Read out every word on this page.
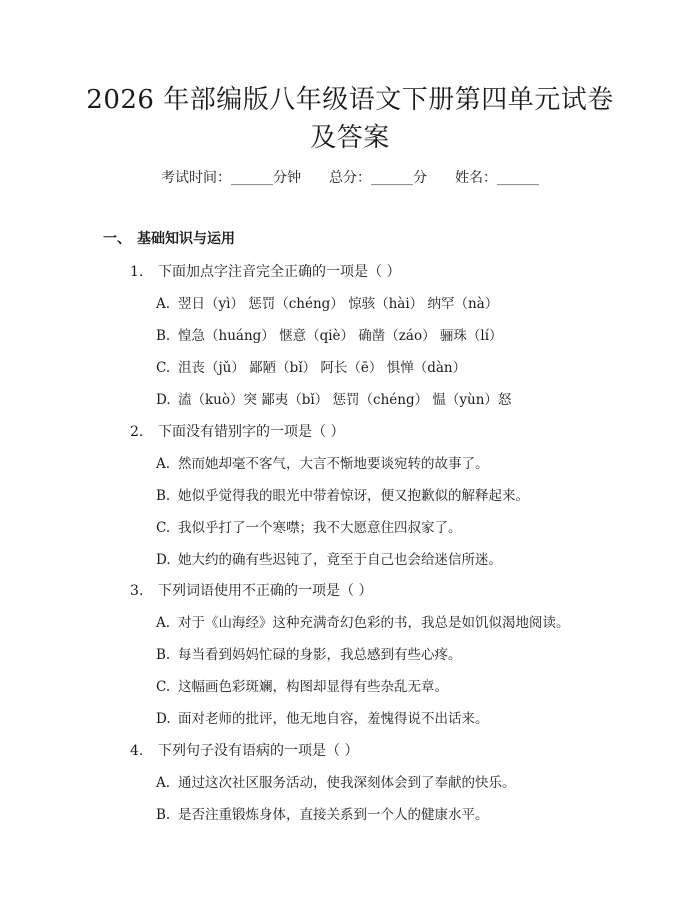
2026 年部编版八年级语文下册第四单元试卷
及答案
考试时间：______分钟 总分：______分 姓名：______
一、 基础知识与运用
1. 下面加点字注音完全正确的一项是（ ）
A. 翌日（yì） 惩罚（chéng） 惊骇（hài） 纳罕（nà）
B. 惶急（huáng） 惬意（qiè） 确凿（záo） 骊珠（lí）
C. 沮丧（jǔ） 鄙陋（bǐ） 阿长（ē） 惧惮（dàn）
D. 溘（kuò）突 鄙夷（bǐ） 惩罚（chéng） 愠（yùn）怒
2. 下面没有错别字的一项是（ ）
A. 然而她却毫不客气，大言不惭地要谈宛转的故事了。
B. 她似乎觉得我的眼光中带着惊讶，便又抱歉似的解释起来。
C. 我似乎打了一个寒噤；我不大愿意住四叔家了。
D. 她大约的确有些迟钝了，竟至于自己也会给迷信所迷。
3. 下列词语使用不正确的一项是（ ）
A. 对于《山海经》这种充满奇幻色彩的书，我总是如饥似渴地阅读。
B. 每当看到妈妈忙碌的身影，我总感到有些心疼。
C. 这幅画色彩斑斓，构图却显得有些杂乱无章。
D. 面对老师的批评，他无地自容，羞愧得说不出话来。
4. 下列句子没有语病的一项是（ ）
A. 通过这次社区服务活动，使我深刻体会到了奉献的快乐。
B. 是否注重锻炼身体，直接关系到一个人的健康水平。
